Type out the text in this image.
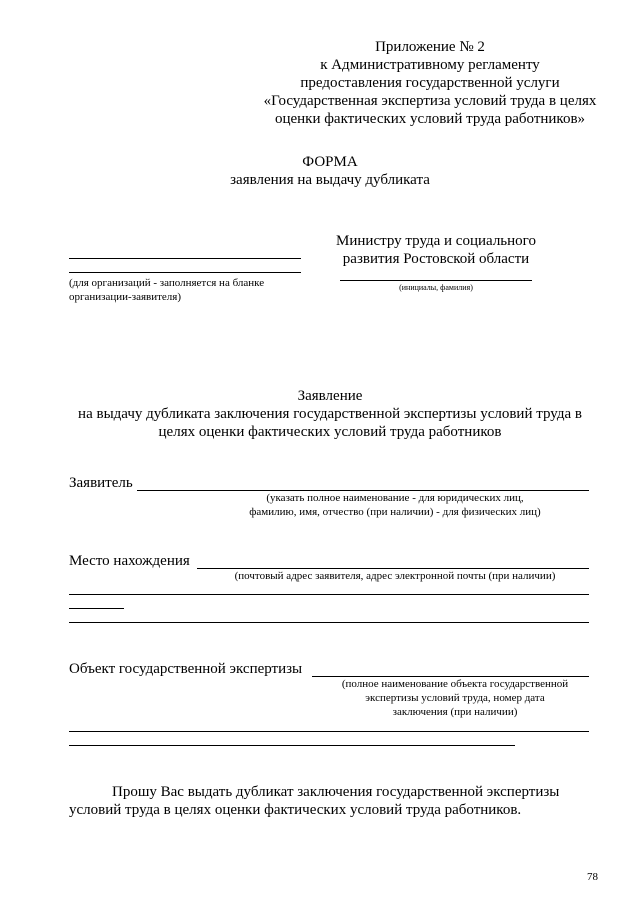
Приложение № 2
к Административному регламенту
предоставления государственной услуги
«Государственная экспертиза условий труда в целях
оценки фактических условий труда работников»
ФОРМА
заявления на выдачу дубликата
(для организаций - заполняется на бланке
организации-заявителя)
Министру труда и социального
развития Ростовской области
(инициалы, фамилия)
Заявление
на выдачу дубликата заключения государственной экспертизы условий труда в
целях оценки фактических условий труда работников
Заявитель
(указать полное наименование - для юридических лиц,
фамилию, имя, отчество (при наличии) - для физических лиц)
Место нахождения
(почтовый адрес заявителя, адрес электронной почты (при наличии)
Объект государственной экспертизы
(полное наименование объекта государственной
экспертизы условий труда, номер дата
заключения (при наличии)
Прошу Вас выдать дубликат заключения государственной экспертизы
условий труда в целях оценки фактических условий труда работников.
78
